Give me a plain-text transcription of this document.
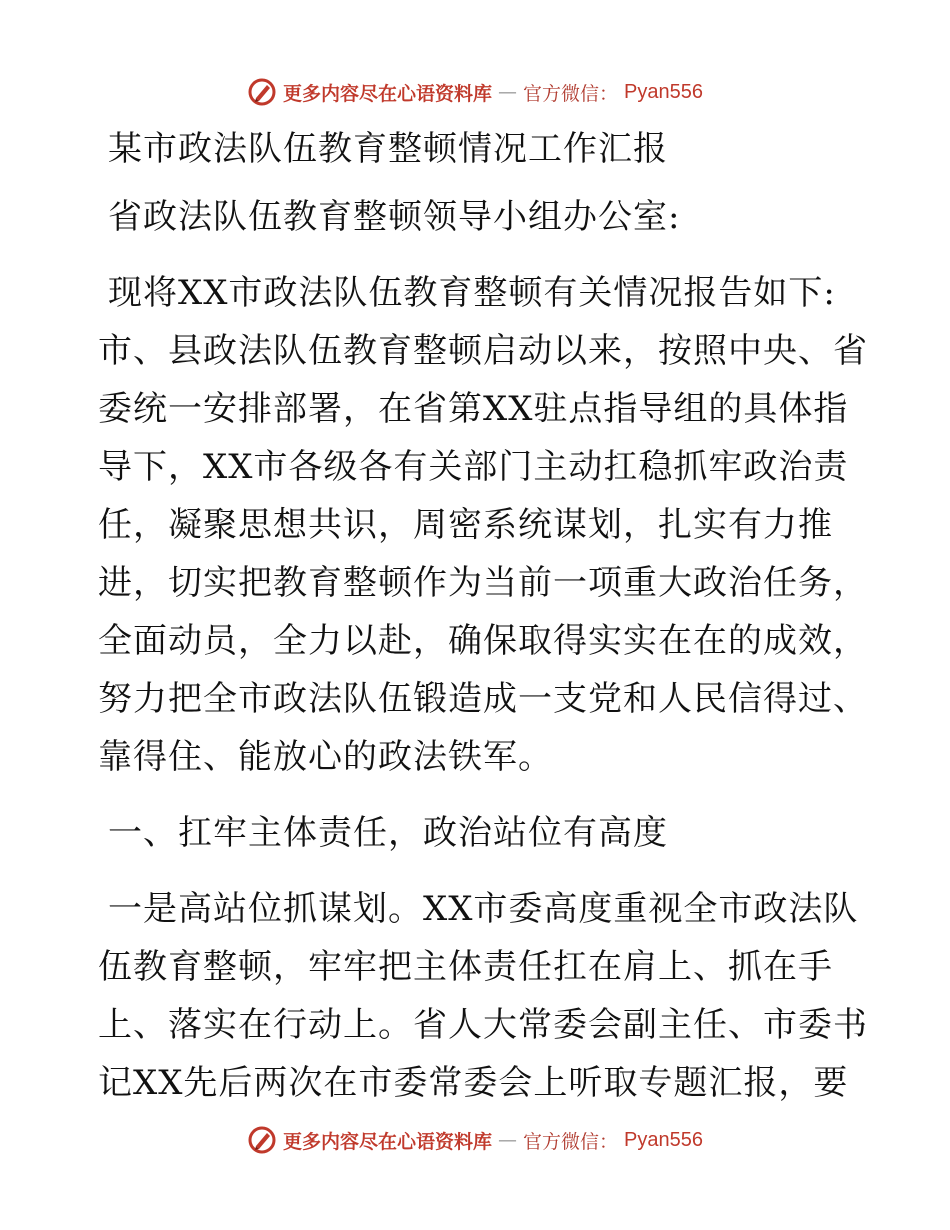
更多内容尽在心语资料库 — 官方微信： Pyan556
某市政法队伍教育整顿情况工作汇报
省政法队伍教育整顿领导小组办公室:
现将XX市政法队伍教育整顿有关情况报告如下:
市、县政法队伍教育整顿启动以来，按照中央、省
委统一安排部署，在省第XX驻点指导组的具体指
导下，XX市各级各有关部门主动扛稳抓牢政治责
任，凝聚思想共识，周密系统谋划，扎实有力推
进，切实把教育整顿作为当前一项重大政治任务，
全面动员，全力以赴，确保取得实实在在的成效，
努力把全市政法队伍锻造成一支党和人民信得过、
靠得住、能放心的政法铁军。
一、扛牢主体责任，政治站位有高度
一是高站位抓谋划。XX市委高度重视全市政法队
伍教育整顿，牢牢把主体责任扛在肩上、抓在手
上、落实在行动上。省人大常委会副主任、市委书
记XX先后两次在市委常委会上听取专题汇报，要
更多内容尽在心语资料库 — 官方微信： Pyan556
